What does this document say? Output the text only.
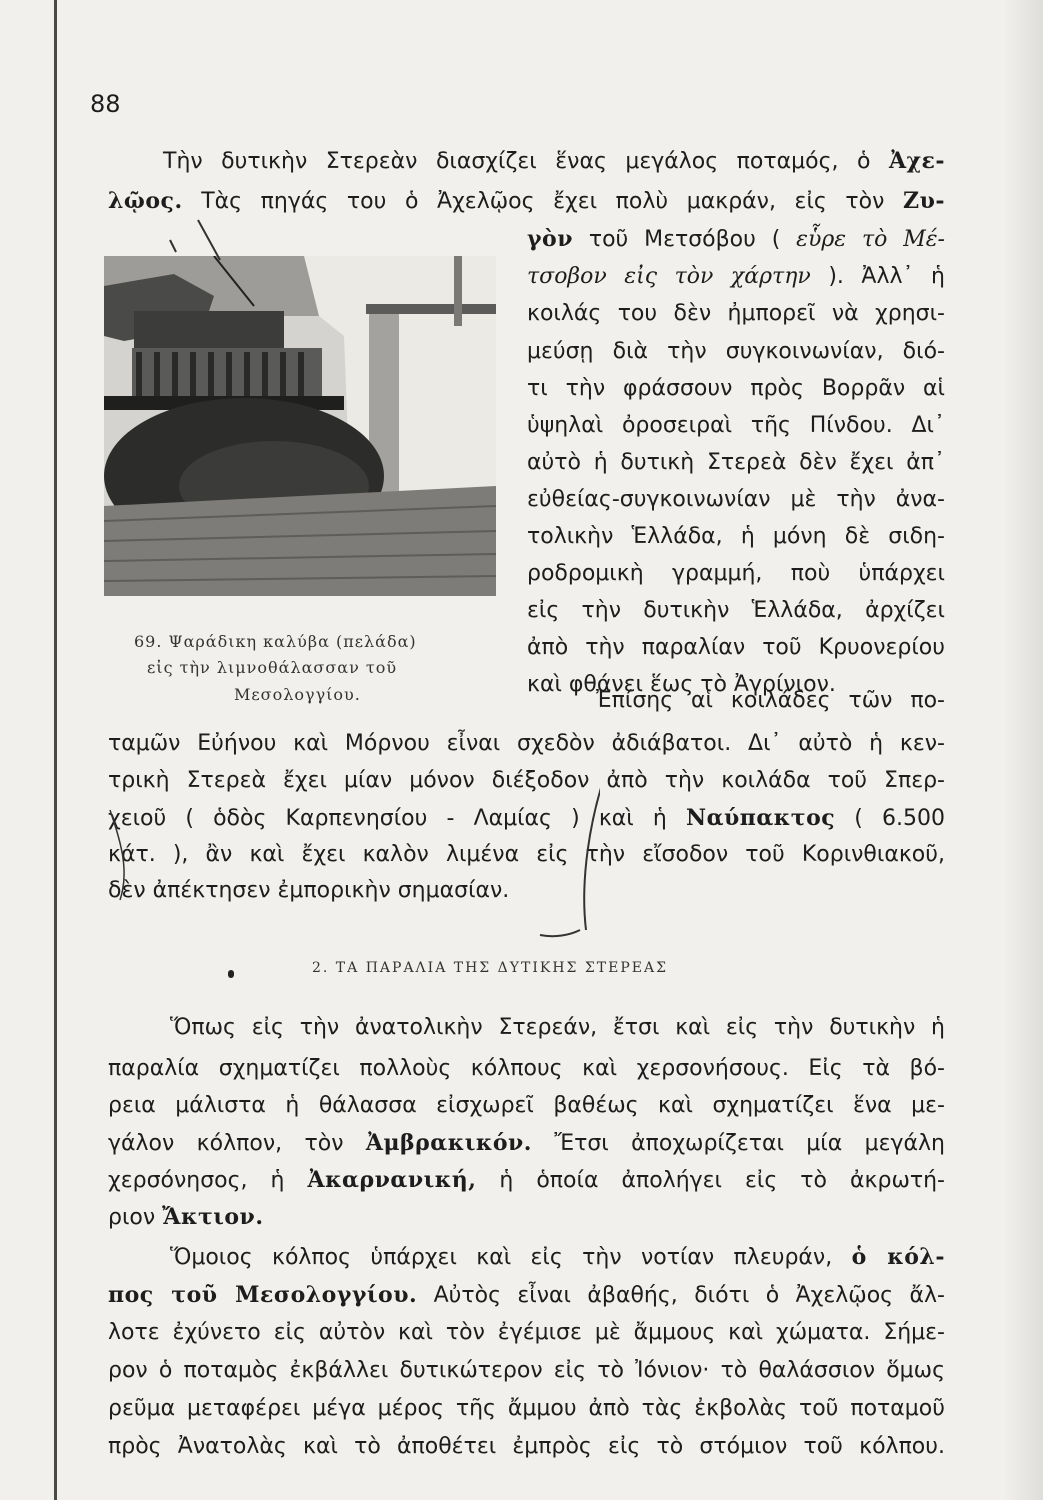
88
Τὴν δυτικὴν Στερεὰν διασχίζει ἕνας μεγάλος ποταμός, ὁ Ἀχε-
λῷος. Τὰς πηγάς του ὁ Ἀχελῷος ἔχει πολὺ μακράν, εἰς τὸν Ζυ-
γὸν τοῦ Μετσόβου ( εὗρε τὸ Μέ-
τσοβον εἰς τὸν χάρτην ). Ἀλλ᾿ ἡ
κοιλάς του δὲν ἠμπορεῖ νὰ χρησι-
μεύσῃ διὰ τὴν συγκοινωνίαν, διό-
τι τὴν φράσσουν πρὸς Βορρᾶν αἱ
ὑψηλαὶ ὀροσειραὶ τῆς Πίνδου. Δι᾿
αὐτὸ ἡ δυτικὴ Στερεὰ δὲν ἔχει ἀπ᾿
εὐθείας-συγκοινωνίαν μὲ τὴν ἀνα-
τολικὴν Ἑλλάδα, ἡ μόνη δὲ σιδη-
ροδρομικὴ γραμμή, ποὺ ὑπάρχει
εἰς τὴν δυτικὴν Ἑλλάδα, ἀρχίζει
ἀπὸ τὴν παραλίαν τοῦ Κρυονερίου
καὶ φθάνει ἕως τὸ Ἀγρίνιον.
69. Ψαράδικη καλύβα (πελάδα)
εἰς τὴν λιμνοθάλασσαν τοῦ
Μεσολογγίου.	Ἐπίσης αἱ κοιλάδες τῶν πο-
ταμῶν Εὐήνου καὶ Μόρνου εἶναι σχεδὸν ἀδιάβατοι. Δι᾿ αὐτὸ ἡ κεν-
τρικὴ Στερεὰ ἔχει μίαν μόνον διέξοδον ἀπὸ τὴν κοιλάδα τοῦ Σπερ-
χειοῦ ( ὁδὸς Καρπενησίου - Λαμίας ) καὶ ἡ Ναύπακτος ( 6.500
κάτ. ), ἂν καὶ ἔχει καλὸν λιμένα εἰς τὴν εἴσοδον τοῦ Κορινθιακοῦ,
δὲν ἀπέκτησεν ἐμπορικὴν σημασίαν.
2. ΤΑ ΠΑΡΑΛΙΑ ΤΗΣ ΔΥΤΙΚΗΣ ΣΤΕΡΕΑΣ
Ὅπως εἰς τὴν ἀνατολικὴν Στερεάν, ἔτσι καὶ εἰς τὴν δυτικὴν ἡ
παραλία σχηματίζει πολλοὺς κόλπους καὶ χερσονήσους. Εἰς τὰ βό-
ρεια μάλιστα ἡ θάλασσα εἰσχωρεῖ βαθέως καὶ σχηματίζει ἕνα με-
γάλον κόλπον, τὸν Ἀμβρακικόν. Ἔτσι ἀποχωρίζεται μία μεγάλη
χερσόνησος, ἡ Ἀκαρνανική, ἡ ὁποία ἀπολήγει εἰς τὸ ἀκρωτή-
ριον Ἄκτιον.
Ὅμοιος κόλπος ὑπάρχει καὶ εἰς τὴν νοτίαν πλευράν, ὁ κόλ-
πος τοῦ Μεσολογγίου. Αὐτὸς εἶναι ἀβαθής, διότι ὁ Ἀχελῷος ἄλ-
λοτε ἐχύνετο εἰς αὐτὸν καὶ τὸν ἐγέμισε μὲ ἄμμους καὶ χώματα. Σήμε-
ρον ὁ ποταμὸς ἐκβάλλει δυτικώτερον εἰς τὸ Ἰόνιον· τὸ θαλάσσιον ὅμως
ρεῦμα μεταφέρει μέγα μέρος τῆς ἄμμου ἀπὸ τὰς ἐκβολὰς τοῦ ποταμοῦ
πρὸς Ἀνατολὰς καὶ τὸ ἀποθέτει ἐμπρὸς εἰς τὸ στόμιον τοῦ κόλπου.
